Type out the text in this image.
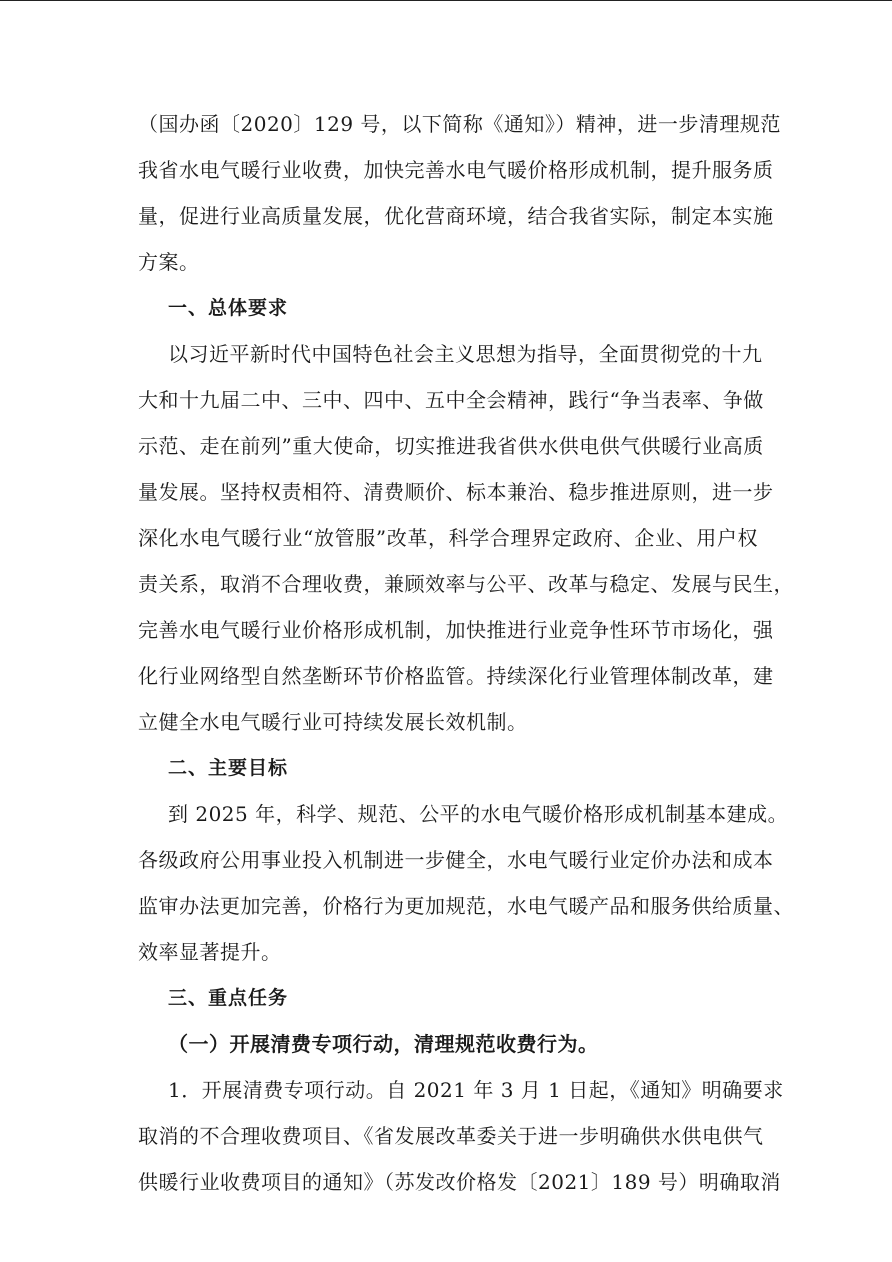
（国办函〔2020〕129 号，以下简称《通知》）精神，进一步清理规范
我省水电气暖行业收费，加快完善水电气暖价格形成机制，提升服务质
量，促进行业高质量发展，优化营商环境，结合我省实际，制定本实施
方案。
一、总体要求
以习近平新时代中国特色社会主义思想为指导，全面贯彻党的十九
大和十九届二中、三中、四中、五中全会精神，践行“争当表率、争做
示范、走在前列”重大使命，切实推进我省供水供电供气供暖行业高质
量发展。坚持权责相符、清费顺价、标本兼治、稳步推进原则，进一步
深化水电气暖行业“放管服”改革，科学合理界定政府、企业、用户权
责关系，取消不合理收费，兼顾效率与公平、改革与稳定、发展与民生，
完善水电气暖行业价格形成机制，加快推进行业竞争性环节市场化，强
化行业网络型自然垄断环节价格监管。持续深化行业管理体制改革，建
立健全水电气暖行业可持续发展长效机制。
二、主要目标
到 2025 年，科学、规范、公平的水电气暖价格形成机制基本建成。
各级政府公用事业投入机制进一步健全，水电气暖行业定价办法和成本
监审办法更加完善，价格行为更加规范，水电气暖产品和服务供给质量、
效率显著提升。
三、重点任务
（一）开展清费专项行动，清理规范收费行为。
1．开展清费专项行动。自 2021 年 3 月 1 日起，《通知》明确要求
取消的不合理收费项目、《省发展改革委关于进一步明确供水供电供气
供暖行业收费项目的通知》（苏发改价格发〔2021〕189 号）明确取消
